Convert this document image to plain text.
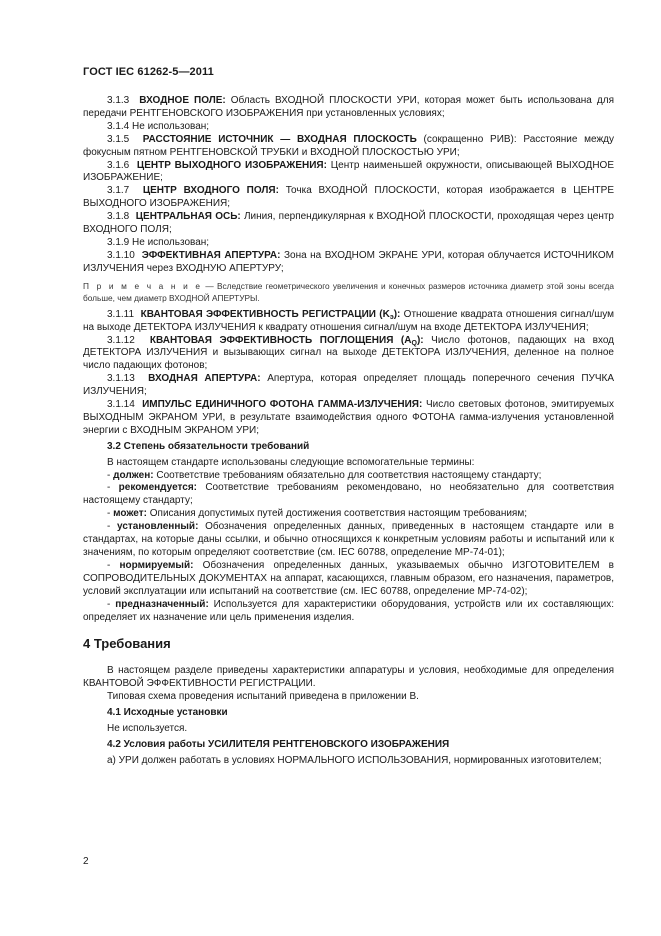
ГОСТ IEC 61262-5—2011

3.1.3 ВХОДНОЕ ПОЛЕ: Область ВХОДНОЙ ПЛОСКОСТИ УРИ, которая может быть использована для передачи РЕНТГЕНОВСКОГО ИЗОБРАЖЕНИЯ при установленных условиях;

3.1.4 Не использован;

3.1.5 РАССТОЯНИЕ ИСТОЧНИК — ВХОДНАЯ ПЛОСКОСТЬ (сокращенно РИВ): Расстояние между фокусным пятном РЕНТГЕНОВСКОЙ ТРУБКИ и ВХОДНОЙ ПЛОСКОСТЬЮ УРИ;

3.1.6 ЦЕНТР ВЫХОДНОГО ИЗОБРАЖЕНИЯ: Центр наименьшей окружности, описывающей ВЫХОДНОЕ ИЗОБРАЖЕНИЕ;

3.1.7 ЦЕНТР ВХОДНОГО ПОЛЯ: Точка ВХОДНОЙ ПЛОСКОСТИ, которая изображается в ЦЕНТРЕ ВЫХОДНОГО ИЗОБРАЖЕНИЯ;

3.1.8 ЦЕНТРАЛЬНАЯ ОСЬ: Линия, перпендикулярная к ВХОДНОЙ ПЛОСКОСТИ, проходящая через центр ВХОДНОГО ПОЛЯ;

3.1.9 Не использован;

3.1.10 ЭФФЕКТИВНАЯ АПЕРТУРА: Зона на ВХОДНОМ ЭКРАНЕ УРИ, которая облучается ИСТОЧНИКОМ ИЗЛУЧЕНИЯ через ВХОДНУЮ АПЕРТУРУ;

П р и м е ч а н и е — Вследствие геометрического увеличения и конечных размеров источника диаметр этой зоны всегда больше, чем диаметр ВХОДНОЙ АПЕРТУРЫ.

3.1.11 КВАНТОВАЯ ЭФФЕКТИВНОСТЬ РЕГИСТРАЦИИ $(K_э)$: Отношение квадрата отношения сигнал/шум на выходе ДЕТЕКТОРА ИЗЛУЧЕНИЯ к квадрату отношения сигнал/шум на входе ДЕТЕКТОРА ИЗЛУЧЕНИЯ;

3.1.12 КВАНТОВАЯ ЭФФЕКТИВНОСТЬ ПОГЛОЩЕНИЯ $(A_Q)$: Число фотонов, падающих на вход ДЕТЕКТОРА ИЗЛУЧЕНИЯ и вызывающих сигнал на выходе ДЕТЕКТОРА ИЗЛУЧЕНИЯ, деленное на полное число падающих фотонов;

3.1.13 ВХОДНАЯ АПЕРТУРА: Апертура, которая определяет площадь поперечного сечения ПУЧКА ИЗЛУЧЕНИЯ;

3.1.14 ИМПУЛЬС ЕДИНИЧНОГО ФОТОНА ГАММА-ИЗЛУЧЕНИЯ: Число световых фотонов, эмитируемых ВЫХОДНЫМ ЭКРАНОМ УРИ, в результате взаимодействия одного ФОТОНА гамма-излучения установленной энергии с ВХОДНЫМ ЭКРАНОМ УРИ;

3.2 Степень обязательности требований

В настоящем стандарте использованы следующие вспомогательные термины:

- должен: Соответствие требованиям обязательно для соответствия настоящему стандарту;

- рекомендуется: Соответствие требованиям рекомендовано, но необязательно для соответствия настоящему стандарту;

- может: Описания допустимых путей достижения соответствия настоящим требованиям;

- установленный: Обозначения определенных данных, приведенных в настоящем стандарте или в стандартах, на которые даны ссылки, и обычно относящихся к конкретным условиям работы и испытаний или к значениям, по которым определяют соответствие (см. IEC 60788, определение МР-74-01);

- нормируемый: Обозначения определенных данных, указываемых обычно ИЗГОТОВИТЕЛЕМ в СОПРОВОДИТЕЛЬНЫХ ДОКУМЕНТАХ на аппарат, касающихся, главным образом, его назначения, параметров, условий эксплуатации или испытаний на соответствие (см. IEC 60788, определение МР-74-02);

- предназначенный: Используется для характеристики оборудования, устройств или их составляющих: определяет их назначение или цель применения изделия.

4 Требования

В настоящем разделе приведены характеристики аппаратуры и условия, необходимые для определения КВАНТОВОЙ ЭФФЕКТИВНОСТИ РЕГИСТРАЦИИ.

Типовая схема проведения испытаний приведена в приложении В.

4.1 Исходные установки

Не используется.

4.2 Условия работы УСИЛИТЕЛЯ РЕНТГЕНОВСКОГО ИЗОБРАЖЕНИЯ

а) УРИ должен работать в условиях НОРМАЛЬНОГО ИСПОЛЬЗОВАНИЯ, нормированных изготовителем;

2
